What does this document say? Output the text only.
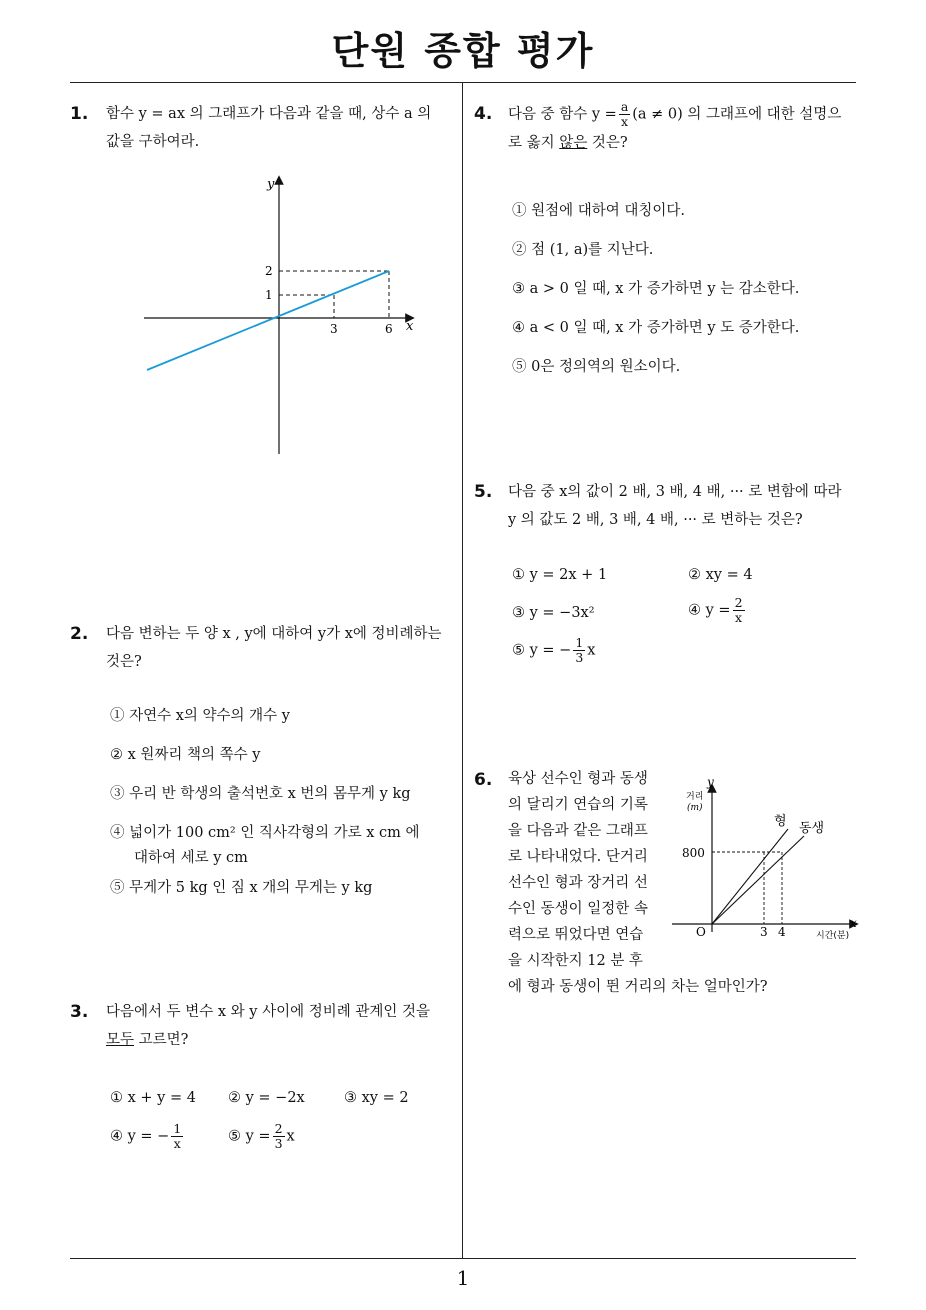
단원 종합 평가
1
1. 함수 y = ax 의 그래프가 다음과 같을 때, 상수 a 의
값을 구하여라.
y
x
3	6
1
2
2. 다음 변하는 두 양 x , y에 대하여 y가 x에 정비례하는
것은?
① 자연수 x의 약수의 개수 y
② x 원짜리 책의 쪽수 y
③ 우리 반 학생의 출석번호 x 번의 몸무게 y kg
④ 넓이가 100 cm² 인 직사각형의 가로 x cm 에
대하여 세로 y cm
⑤ 무게가 5 kg 인 짐 x 개의 무게는 y kg
3. 다음에서 두 변수 x 와 y 사이에 정비례 관계인 것을
모두 고르면?
① x + y = 4 ② y = −2x	③ xy = 2
④ y = − $\frac{1}{x}$	⑤ $y = \frac{2}{3}$ x
4. 다음 중 함수 $y = \frac{a}{x} (a \ne 0)$ 의 그래프에 대한 설명으
로 옳지 않은 것은?
① 원점에 대하여 대칭이다.
② 점 (1, a)를 지난다.
③ a > 0 일 때, x 가 증가하면 y 는 감소한다.
④ a < 0 일 때, x 가 증가하면 y 도 증가한다.
⑤ 0은 정의역의 원소이다.
5. 다음 중 x의 값이 2 배, 3 배, 4 배, ··· 로 변함에 따라
y 의 값도 2 배, 3 배, 4 배, ··· 로 변하는 것은?
① y = 2x + 1	② xy = 4
③ y = −3x²	④ $y = \frac{2}{x}$
⑤ y = − $\frac{1}{3}$ x
6. 육상 선수인 형과 동생
의 달리기 연습의 기록
을 다음과 같은 그래프
로 나타내었다. 단거리
선수인 형과 장거리 선
수인 동생이 일정한 속
력으로 뛰었다면 연습
을 시작한지 12 분 후
에 형과 동생이 뛴 거리의 차는 얼마인가?
y
거리
(m)
x
시간(분)
O
800
3 4
형 동생
